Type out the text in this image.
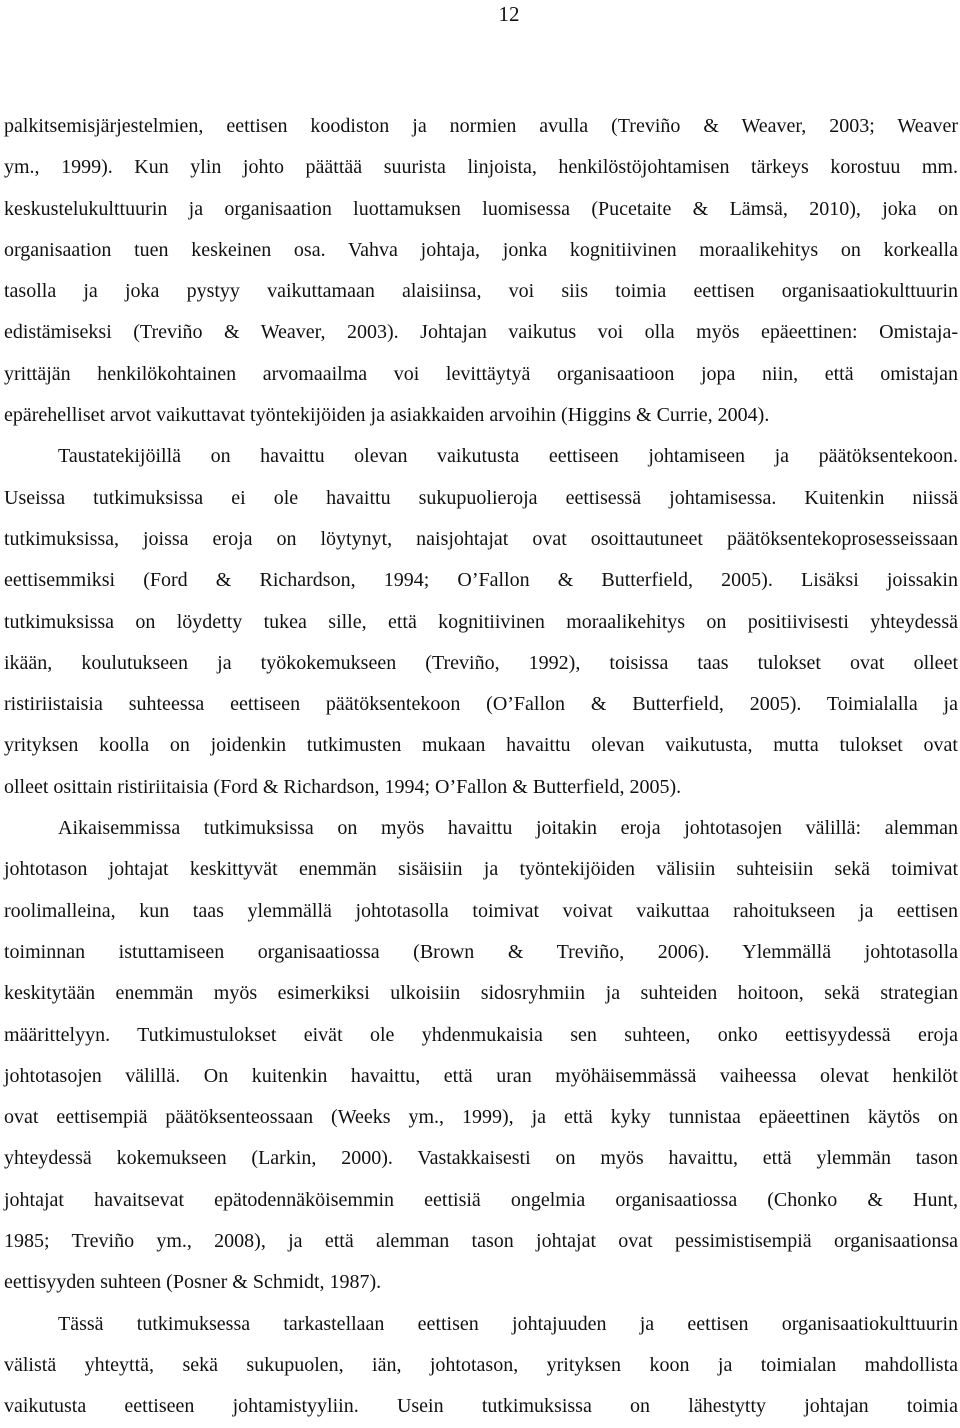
12
palkitsemisjärjestelmien, eettisen koodiston ja normien avulla (Treviño & Weaver, 2003; Weaver
ym., 1999). Kun ylin johto päättää suurista linjoista, henkilöstöjohtamisen tärkeys korostuu mm.
keskustelukulttuurin ja organisaation luottamuksen luomisessa (Pucetaite & Lämsä, 2010), joka on
organisaation tuen keskeinen osa. Vahva johtaja, jonka kognitiivinen moraalikehitys on korkealla
tasolla ja joka pystyy vaikuttamaan alaisiinsa, voi siis toimia eettisen organisaatiokulttuurin
edistämiseksi (Treviño & Weaver, 2003). Johtajan vaikutus voi olla myös epäeettinen: Omistaja-
yrittäjän henkilökohtainen arvomaailma voi levittäytyä organisaatioon jopa niin, että omistajan
epärehelliset arvot vaikuttavat työntekijöiden ja asiakkaiden arvoihin (Higgins & Currie, 2004).
Taustatekijöillä on havaittu olevan vaikutusta eettiseen johtamiseen ja päätöksentekoon.
Useissa tutkimuksissa ei ole havaittu sukupuolieroja eettisessä johtamisessa. Kuitenkin niissä
tutkimuksissa, joissa eroja on löytynyt, naisjohtajat ovat osoittautuneet päätöksentekoprosesseissaan
eettisemmiksi (Ford & Richardson, 1994; O’Fallon & Butterfield, 2005). Lisäksi joissakin
tutkimuksissa on löydetty tukea sille, että kognitiivinen moraalikehitys on positiivisesti yhteydessä
ikään, koulutukseen ja työkokemukseen (Treviño, 1992), toisissa taas tulokset ovat olleet
ristiriistaisia suhteessa eettiseen päätöksentekoon (O’Fallon & Butterfield, 2005). Toimialalla ja
yrityksen koolla on joidenkin tutkimusten mukaan havaittu olevan vaikutusta, mutta tulokset ovat
olleet osittain ristiriitaisia (Ford & Richardson, 1994; O’Fallon & Butterfield, 2005).
Aikaisemmissa tutkimuksissa on myös havaittu joitakin eroja johtotasojen välillä: alemman
johtotason johtajat keskittyvät enemmän sisäisiin ja työntekijöiden välisiin suhteisiin sekä toimivat
roolimalleina, kun taas ylemmällä johtotasolla toimivat voivat vaikuttaa rahoitukseen ja eettisen
toiminnan istuttamiseen organisaatiossa (Brown & Treviño, 2006). Ylemmällä johtotasolla
keskitytään enemmän myös esimerkiksi ulkoisiin sidosryhmiin ja suhteiden hoitoon, sekä strategian
määrittelyyn. Tutkimustulokset eivät ole yhdenmukaisia sen suhteen, onko eettisyydessä eroja
johtotasojen välillä. On kuitenkin havaittu, että uran myöhäisemmässä vaiheessa olevat henkilöt
ovat eettisempiä päätöksenteossaan (Weeks ym., 1999), ja että kyky tunnistaa epäeettinen käytös on
yhteydessä kokemukseen (Larkin, 2000). Vastakkaisesti on myös havaittu, että ylemmän tason
johtajat havaitsevat epätodennäköisemmin eettisiä ongelmia organisaatiossa (Chonko & Hunt,
1985; Treviño ym., 2008), ja että alemman tason johtajat ovat pessimistisempiä organisaationsa
eettisyyden suhteen (Posner & Schmidt, 1987).
Tässä tutkimuksessa tarkastellaan eettisen johtajuuden ja eettisen organisaatiokulttuurin
välistä yhteyttä, sekä sukupuolen, iän, johtotason, yrityksen koon ja toimialan mahdollista
vaikutusta eettiseen johtamistyyliin. Usein tutkimuksissa on lähestytty johtajan toimia
